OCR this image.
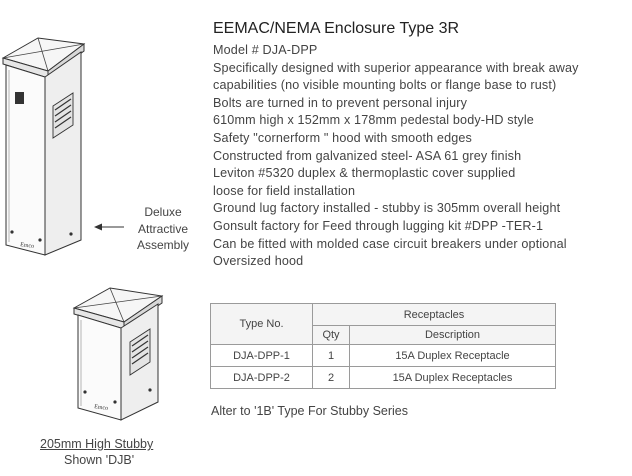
Emco
Deluxe
Attractive
Assembly
Emco
205mm High Stubby
Shown 'DJB'
EEMAC/NEMA Enclosure Type 3R
Model # DJA-DPP
Specifically designed with superior appearance with break away
capabilities (no visible mounting bolts or flange base to rust)
Bolts are turned in to prevent personal injury
610mm high x 152mm x 178mm pedestal body-HD style
Safety "cornerform " hood with smooth edges
Constructed from galvanized steel- ASA 61 grey finish
Leviton #5320 duplex & thermoplastic cover supplied
loose for field installation
Ground lug factory installed - stubby is 305mm overall height
Gonsult factory for Feed through lugging kit #DPP -TER-1
Can be fitted with molded case circuit breakers under optional
Oversized hood
Type No.	Receptacles	
	Qty	Description
DJA-DPP-1	1	15A Duplex Receptacle
DJA-DPP-2	2	15A Duplex Receptacles
Alter to '1B' Type For Stubby Series
